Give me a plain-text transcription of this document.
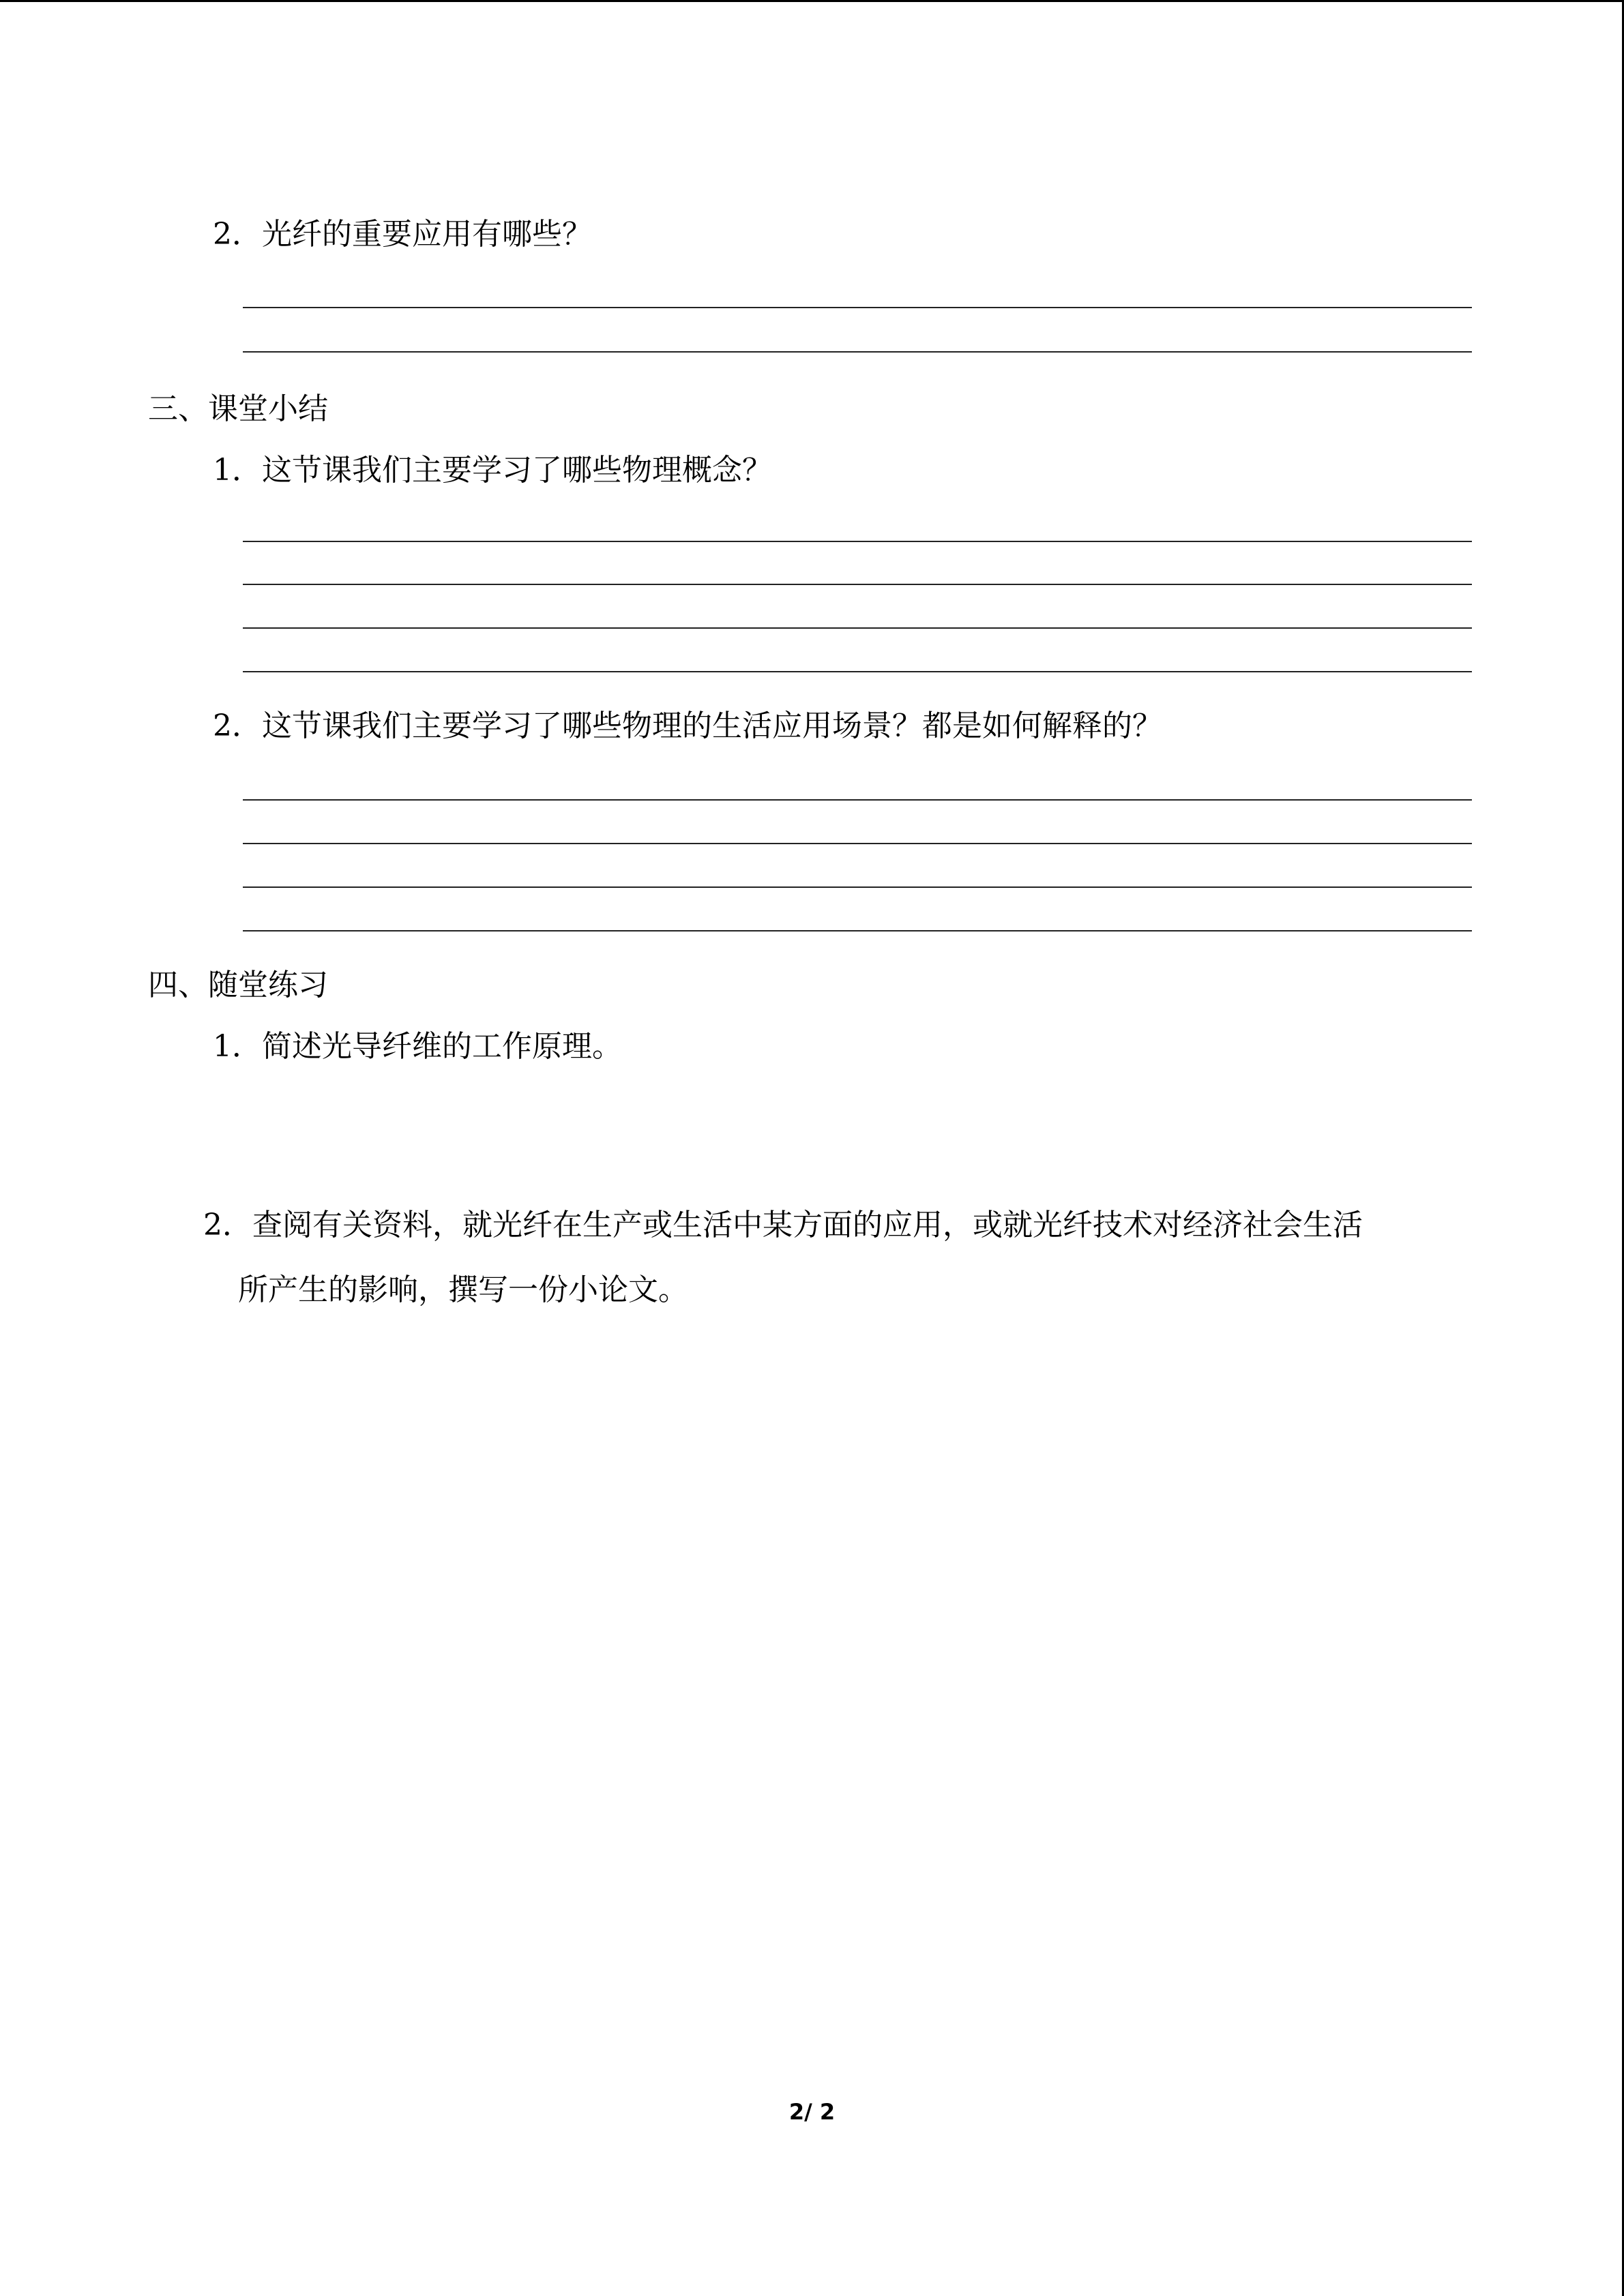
2．光纤的重要应用有哪些？
三、课堂小结
1．这节课我们主要学习了哪些物理概念？
2．这节课我们主要学习了哪些物理的生活应用场景？都是如何解释的？
四、随堂练习
1．简述光导纤维的工作原理。
2．查阅有关资料，就光纤在生产或生活中某方面的应用，或就光纤技术对经济社会生活
所产生的影响，撰写一份小论文。
2/ 2
